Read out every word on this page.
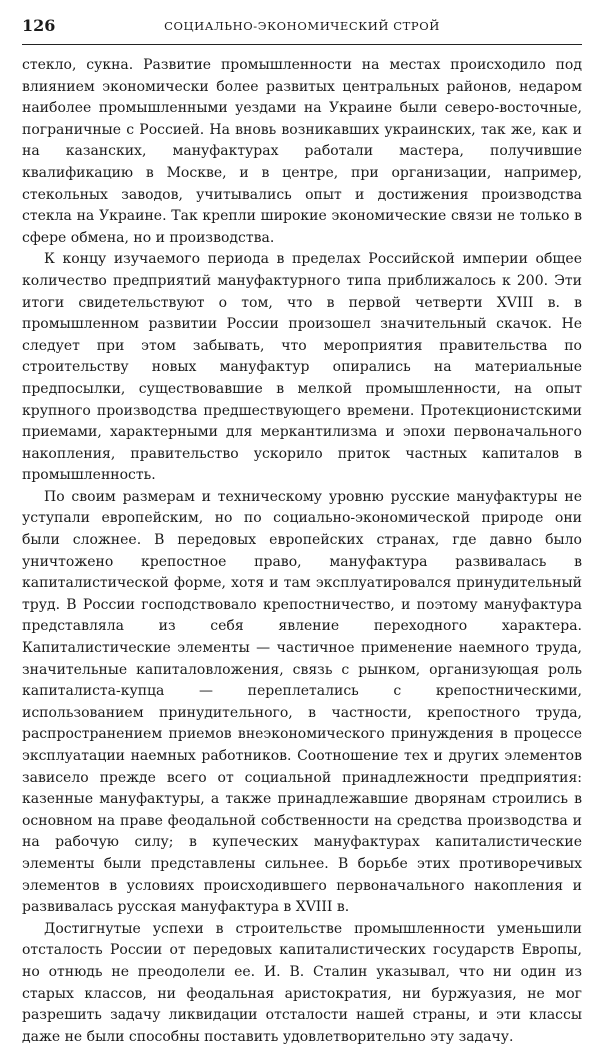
126	СОЦИАЛЬНО-ЭКОНОМИЧЕСКИЙ СТРОЙ

стекло, сукна. Развитие промышленности на местах происходило под влиянием экономически более развитых центральных районов, недаром наиболее промышленными уездами на Украине были северо-восточные, пограничные с Россией. На вновь возникавших украинских, так же, как и на казанских, мануфактурах работали мастера, получившие квалификацию в Москве, и в центре, при организации, например, стекольных заводов, учитывались опыт и достижения производства стекла на Украине. Так крепли широкие экономические связи не только в сфере обмена, но и производства.

К концу изучаемого периода в пределах Российской империи общее количество предприятий мануфактурного типа приближалось к 200. Эти итоги свидетельствуют о том, что в первой четверти XVIII в. в промышленном развитии России произошел значительный скачок. Не следует при этом забывать, что мероприятия правительства по строительству новых мануфактур опирались на материальные предпосылки, существовавшие в мелкой промышленности, на опыт крупного производства предшествующего времени. Протекционистскими приемами, характерными для меркантилизма и эпохи первоначального накопления, правительство ускорило приток частных капиталов в промышленность.

По своим размерам и техническому уровню русские мануфактуры не уступали европейским, но по социально-экономической природе они были сложнее. В передовых европейских странах, где давно было уничтожено крепостное право, мануфактура развивалась в капиталистической форме, хотя и там эксплуатировался принудительный труд. В России господствовало крепостничество, и поэтому мануфактура представляла из себя явление переходного характера. Капиталистические элементы — частичное применение наемного труда, значительные капиталовложения, связь с рынком, организующая роль капиталиста-купца — переплетались с крепостническими, использованием принудительного, в частности, крепостного труда, распространением приемов внеэкономического принуждения в процессе эксплуатации наемных работников. Соотношение тех и других элементов зависело прежде всего от социальной принадлежности предприятия: казенные мануфактуры, а также принадлежавшие дворянам строились в основном на праве феодальной собственности на средства производства и на рабочую силу; в купеческих мануфактурах капиталистические элементы были представлены сильнее. В борьбе этих противоречивых элементов в условиях происходившего первоначального накопления и развивалась русская мануфактура в XVIII в.

Достигнутые успехи в строительстве промышленности уменьшили отсталость России от передовых капиталистических государств Европы, но отнюдь не преодолели ее. И. В. Сталин указывал, что ни один из старых классов, ни феодальная аристократия, ни буржуазия, не мог разрешить задачу ликвидации отсталости нашей страны, и эти классы даже не были способны поставить удовлетворительно эту задачу.
